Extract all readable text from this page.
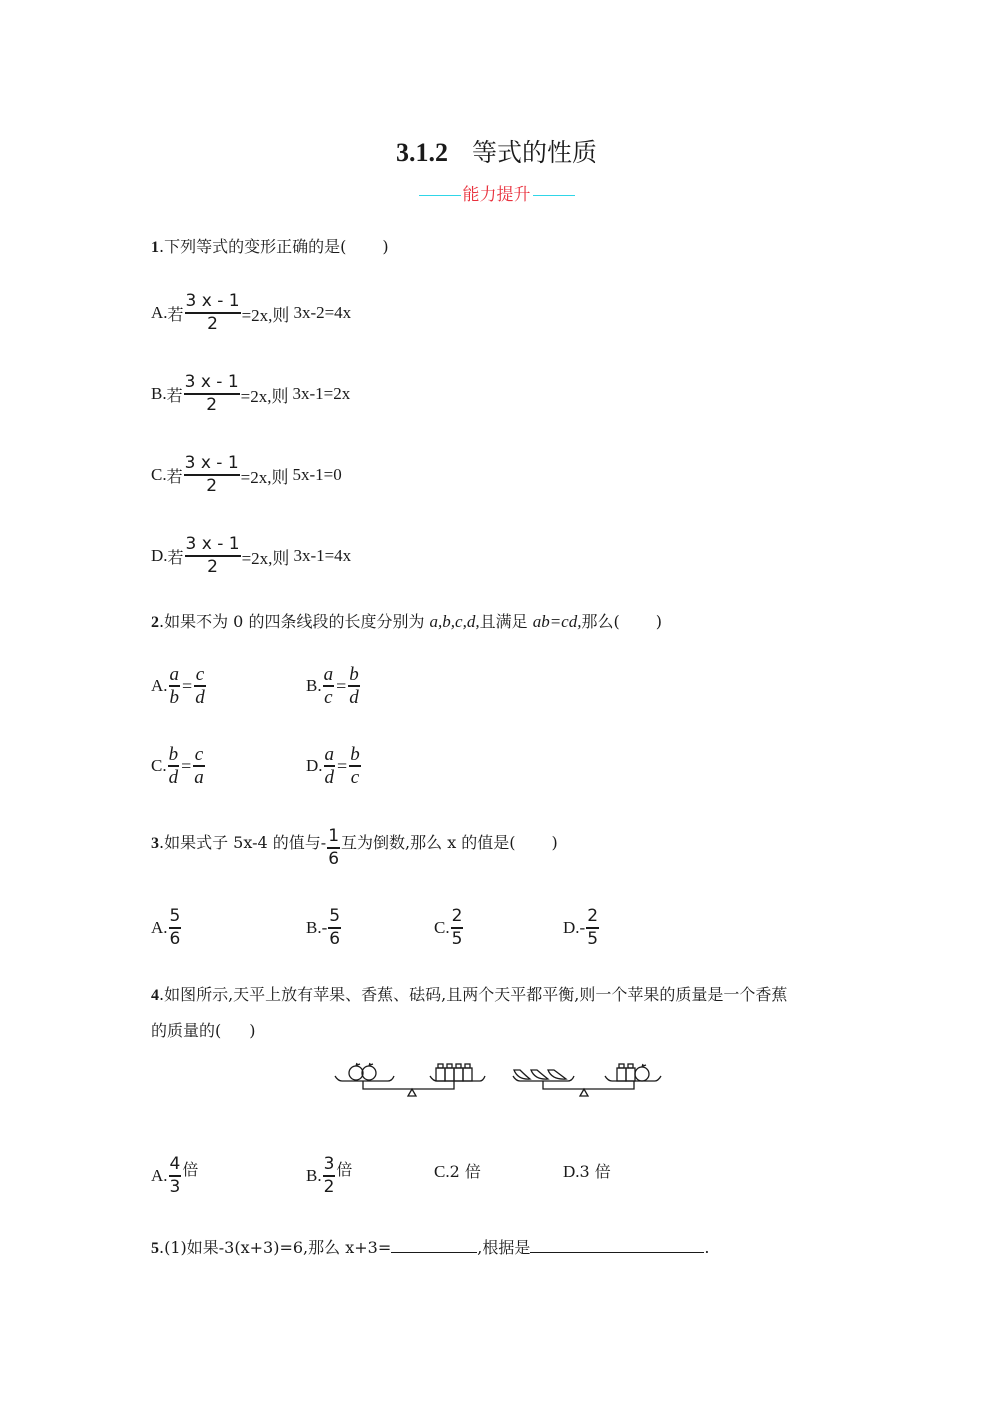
3.1.2 等式的性质
能力提升
1.下列等式的变形正确的是( )
A. 若 $\frac{3 x - 1}{2} =2x$,则 3x-2=4x
B. 若 $\frac{3 x - 1}{2} =2x$,则 3x-1=2x
C. 若 $\frac{3 x - 1}{2} =2x$,则 5x-1=0
D. 若 $\frac{3 x - 1}{2} =2x$,则 3x-1=4x
2.如果不为 0 的四条线段的长度分别为 a,b,c,d,且满足 ab=cd,那么( )
A. $\frac{a}{b} = \frac{c}{d}$	B. $\frac{a}{c} = \frac{b}{d}$
C. $\frac{b}{d} = \frac{c}{a}$	D. $\frac{a}{d} = \frac{b}{c}$
3.如果式子 5x-4 的值与- $\frac{1}{6}$ 互为倒数,那么 x 的值是( )
A. $\frac{5}{6}$	B. - $\frac{5}{6}$	C. $\frac{2}{5}$	D. - $\frac{2}{5}$
4.如图所示,天平上放有苹果、香蕉、砝码,且两个天平都平衡,则一个苹果的质量是一个香蕉
的质量的( )
A. $\frac{4}{3}$ 倍	B. $\frac{3}{2}$ 倍	C.2 倍	D.3 倍
5.(1)如果-3(x+3)=6,那么 x+3=	,根据是	.
